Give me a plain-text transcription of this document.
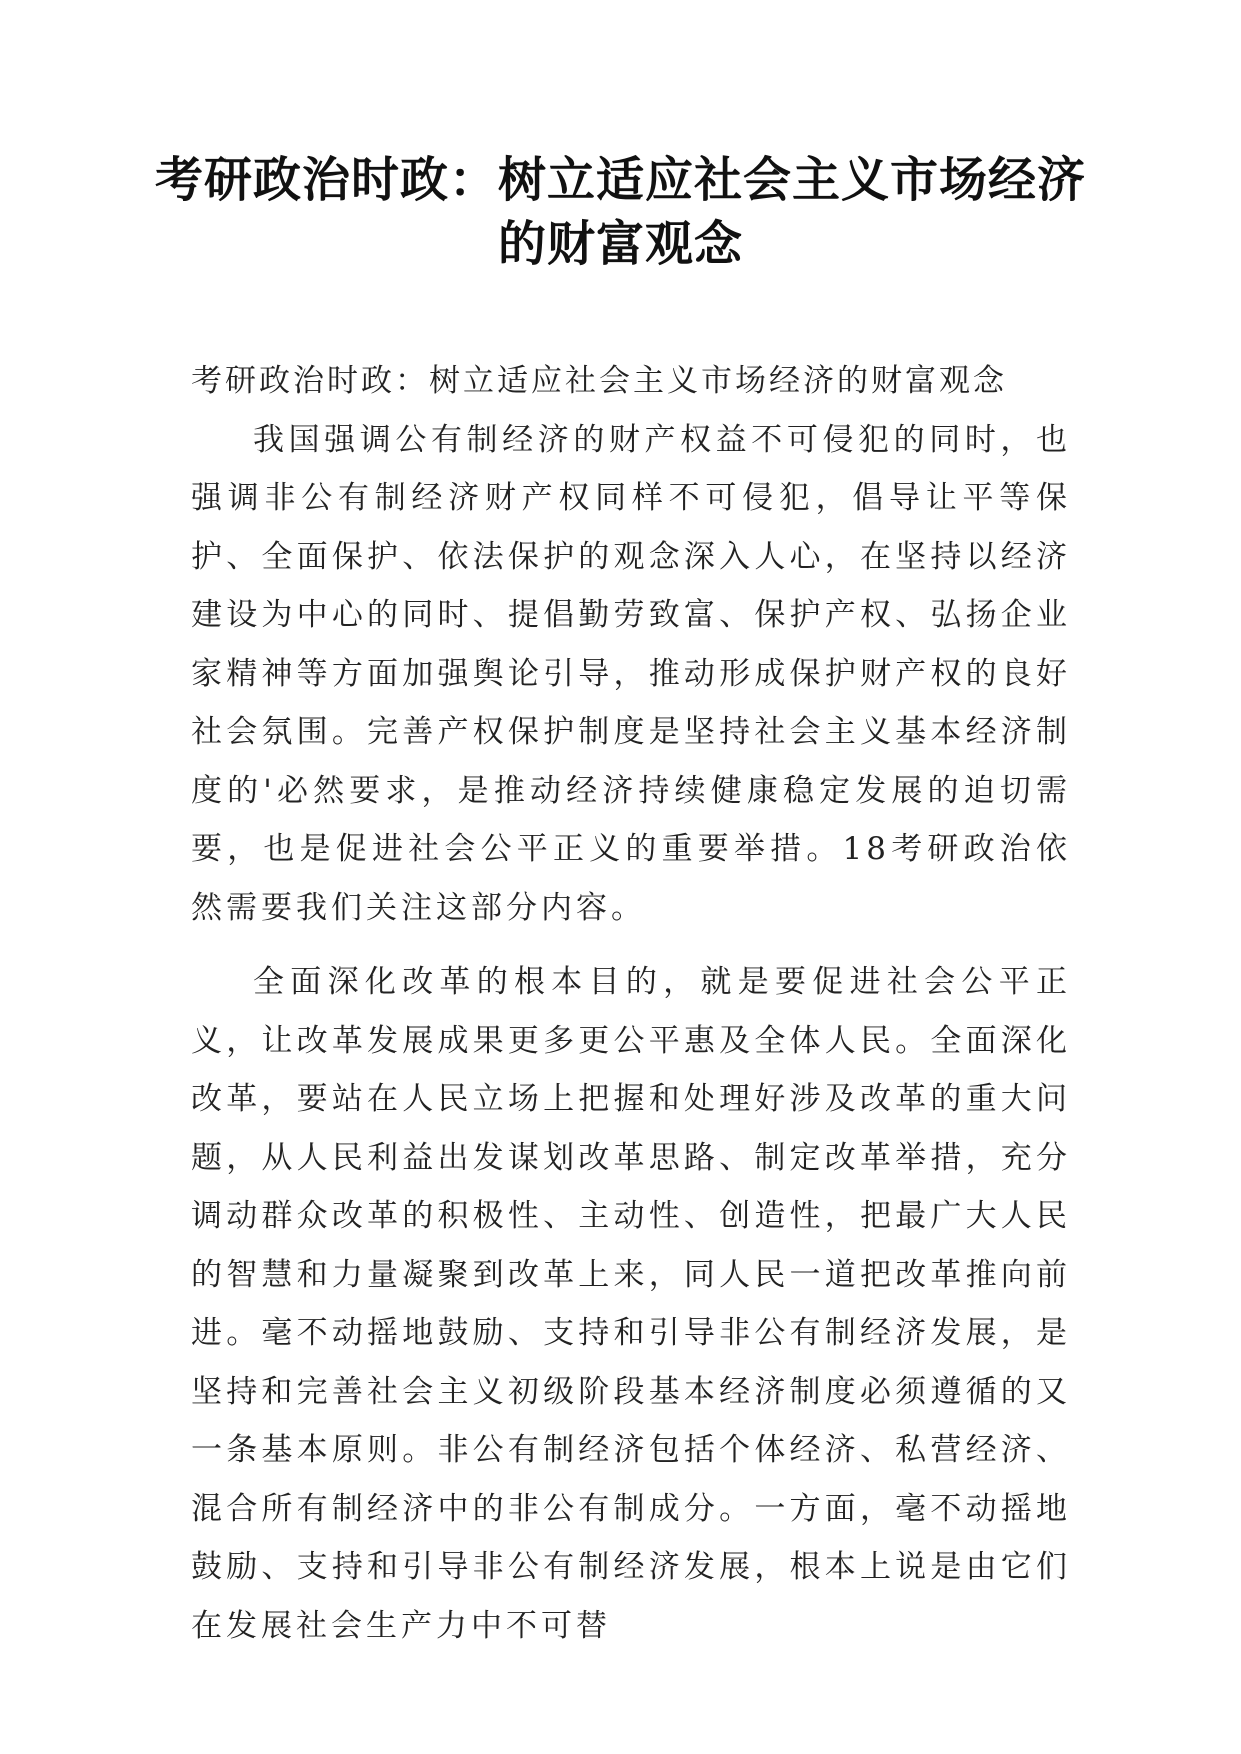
考研政治时政：树立适应社会主义市场经济的财富观念

考研政治时政：树立适应社会主义市场经济的财富观念

我国强调公有制经济的财产权益不可侵犯的同时，也强调非公有制经济财产权同样不可侵犯，倡导让平等保护、全面保护、依法保护的观念深入人心，在坚持以经济建设为中心的同时、提倡勤劳致富、保护产权、弘扬企业家精神等方面加强舆论引导，推动形成保护财产权的良好社会氛围。完善产权保护制度是坚持社会主义基本经济制度的'必然要求，是推动经济持续健康稳定发展的迫切需要，也是促进社会公平正义的重要举措。18考研政治依然需要我们关注这部分内容。

全面深化改革的根本目的，就是要促进社会公平正义，让改革发展成果更多更公平惠及全体人民。全面深化改革，要站在人民立场上把握和处理好涉及改革的重大问题，从人民利益出发谋划改革思路、制定改革举措，充分调动群众改革的积极性、主动性、创造性，把最广大人民的智慧和力量凝聚到改革上来，同人民一道把改革推向前进。毫不动摇地鼓励、支持和引导非公有制经济发展，是坚持和完善社会主义初级阶段基本经济制度必须遵循的又一条基本原则。非公有制经济包括个体经济、私营经济、混合所有制经济中的非公有制成分。一方面，毫不动摇地鼓励、支持和引导非公有制经济发展，根本上说是由它们在发展社会生产力中不可替
